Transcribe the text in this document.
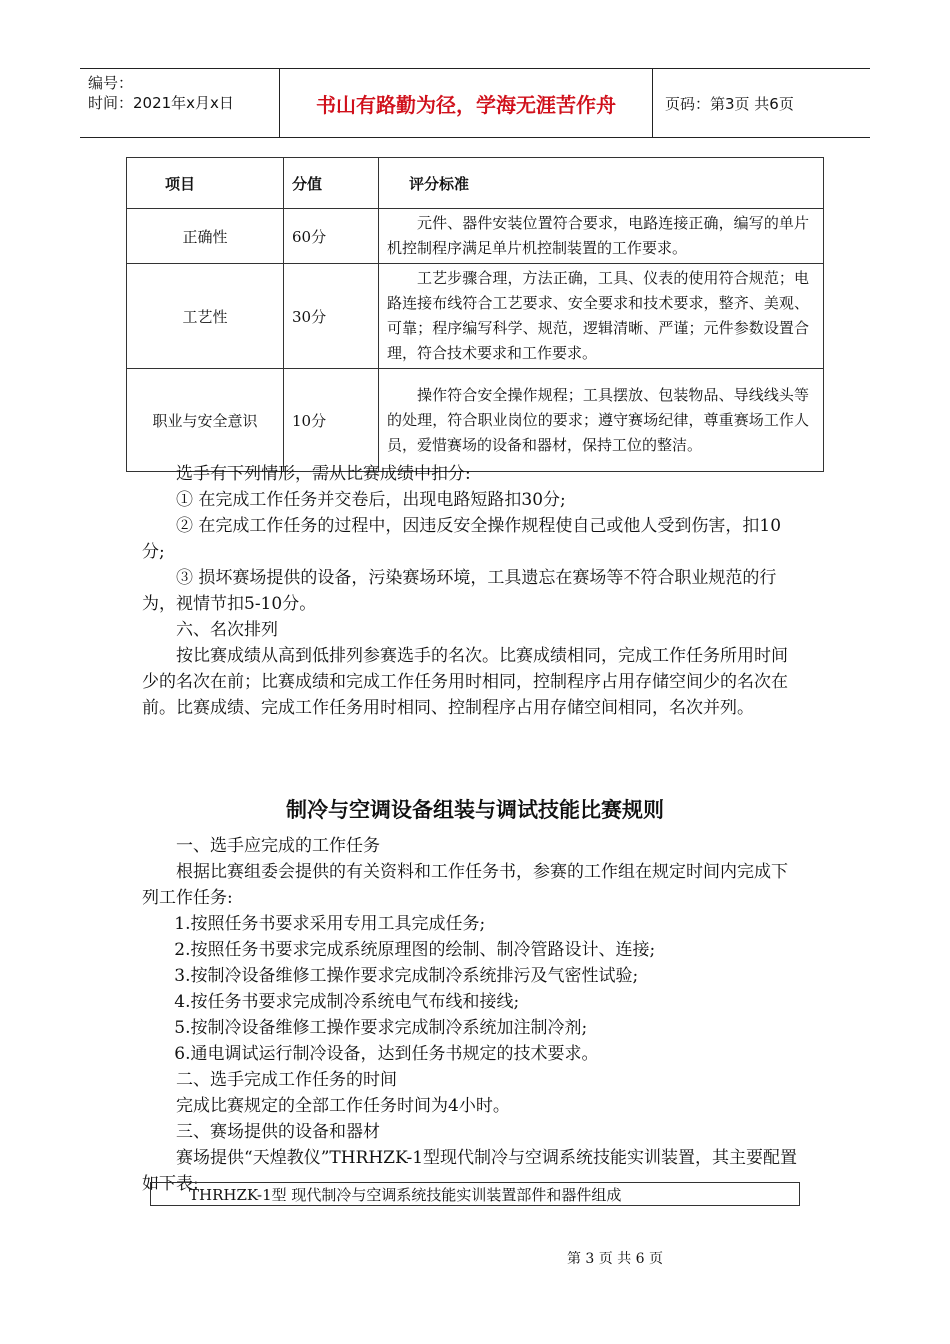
编号：
时间：2021年x月x日	书山有路勤为径，学海无涯苦作舟	页码：第3页 共6页
项目	分值	评分标准
正确性	60分	元件、器件安装位置符合要求，电路连接正确，编写的单片机控制程序满足单片机控制装置的工作要求。
工艺性	30分	工艺步骤合理，方法正确，工具、仪表的使用符合规范；电路连接布线符合工艺要求、安全要求和技术要求，整齐、美观、可靠；程序编写科学、规范，逻辑清晰、严谨；元件参数设置合理，符合技术要求和工作要求。
职业与安全意识	10分	操作符合安全操作规程；工具摆放、包装物品、导线线头等的处理，符合职业岗位的要求；遵守赛场纪律，尊重赛场工作人员，爱惜赛场的设备和器材，保持工位的整洁。

选手有下列情形，需从比赛成绩中扣分:

① 在完成工作任务并交卷后，出现电路短路扣30分;

② 在完成工作任务的过程中，因违反安全操作规程使自己或他人受到伤害，扣10分;

③ 损坏赛场提供的设备，污染赛场环境，工具遗忘在赛场等不符合职业规范的行为，视情节扣5-10分。

六、名次排列

按比赛成绩从高到低排列参赛选手的名次。比赛成绩相同，完成工作任务所用时间少的名次在前；比赛成绩和完成工作任务用时相同，控制程序占用存储空间少的名次在前。比赛成绩、完成工作任务用时相同、控制程序占用存储空间相同，名次并列。

制冷与空调设备组装与调试技能比赛规则

一、选手应完成的工作任务

根据比赛组委会提供的有关资料和工作任务书，参赛的工作组在规定时间内完成下列工作任务:

1.按照任务书要求采用专用工具完成任务;

2.按照任务书要求完成系统原理图的绘制、制冷管路设计、连接;

3.按制冷设备维修工操作要求完成制冷系统排污及气密性试验;

4.按任务书要求完成制冷系统电气布线和接线;

5.按制冷设备维修工操作要求完成制冷系统加注制冷剂;

6.通电调试运行制冷设备，达到任务书规定的技术要求。

二、选手完成工作任务的时间

完成比赛规定的全部工作任务时间为4小时。

三、赛场提供的设备和器材

赛场提供“天煌教仪”THRHZK-1型现代制冷与空调系统技能实训装置，其主要配置如下表:

THRHZK-1型 现代制冷与空调系统技能实训装置部件和器件组成
第 3 页 共 6 页
